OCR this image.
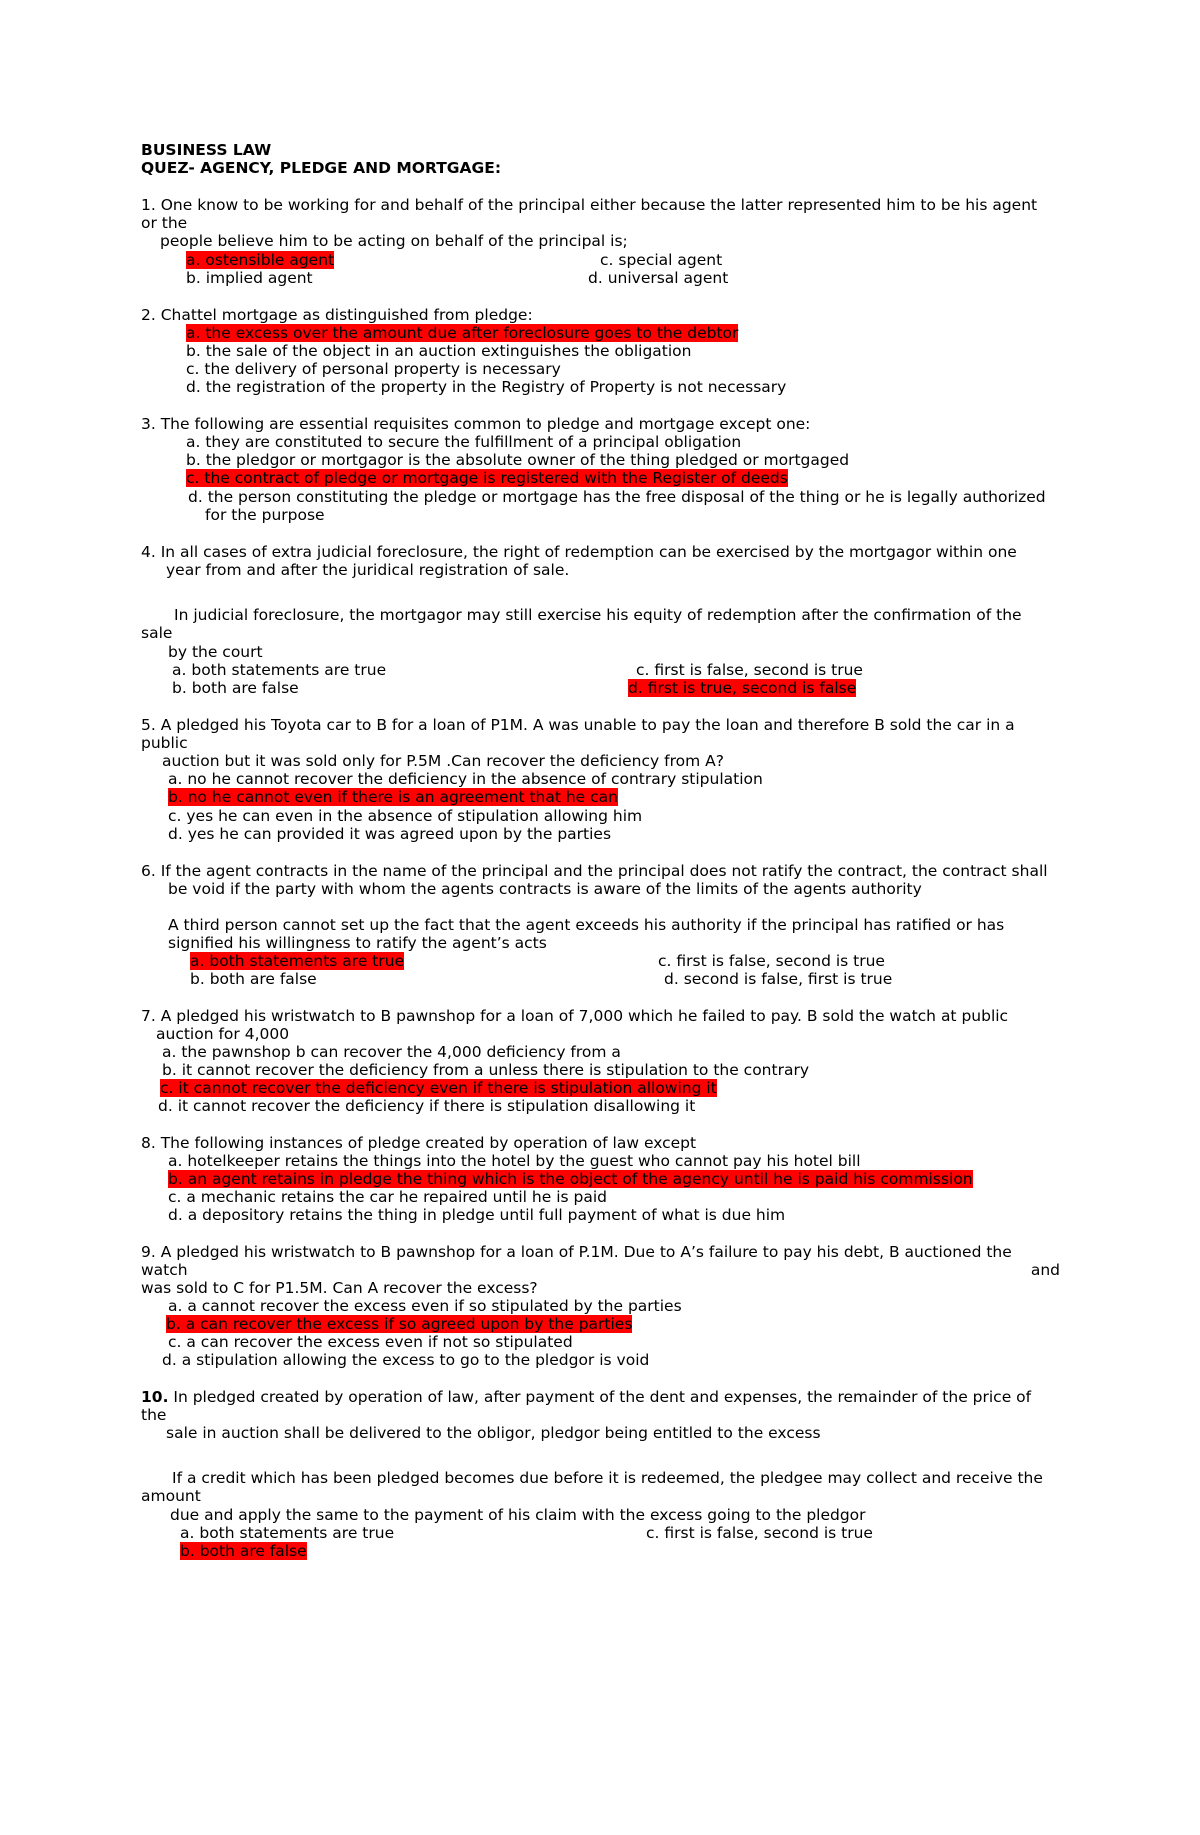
BUSINESS LAW
QUEZ- AGENCY, PLEDGE AND MORTGAGE:
1. One know to be working for and behalf of the principal either because the latter represented him to be his agent
or the
people believe him to be acting on behalf of the principal is;
a. ostensible agent	c. special agent
b. implied agent	d. universal agent
2. Chattel mortgage as distinguished from pledge:
a. the excess over the amount due after foreclosure goes to the debtor
b. the sale of the object in an auction extinguishes the obligation
c. the delivery of personal property is necessary
d. the registration of the property in the Registry of Property is not necessary
3. The following are essential requisites common to pledge and mortgage except one:
a. they are constituted to secure the fulfillment of a principal obligation
b. the pledgor or mortgagor is the absolute owner of the thing pledged or mortgaged
c. the contract of pledge or mortgage is registered with the Register of deeds
d. the person constituting the pledge or mortgage has the free disposal of the thing or he is legally authorized
for the purpose
4. In all cases of extra judicial foreclosure, the right of redemption can be exercised by the mortgagor within one
year from and after the juridical registration of sale.
In judicial foreclosure, the mortgagor may still exercise his equity of redemption after the confirmation of the
sale
by the court
a. both statements are true	c. first is false, second is true
b. both are false	d. first is true, second is false
5. A pledged his Toyota car to B for a loan of P1M. A was unable to pay the loan and therefore B sold the car in a
public
auction but it was sold only for P.5M .Can recover the deficiency from A?
a. no he cannot recover the deficiency in the absence of contrary stipulation
b. no he cannot even if there is an agreement that he can
c. yes he can even in the absence of stipulation allowing him
d. yes he can provided it was agreed upon by the parties
6. If the agent contracts in the name of the principal and the principal does not ratify the contract, the contract shall
be void if the party with whom the agents contracts is aware of the limits of the agents authority
A third person cannot set up the fact that the agent exceeds his authority if the principal has ratified or has
signified his willingness to ratify the agent’s acts
a. both statements are true	c. first is false, second is true
b. both are false	d. second is false, first is true
7. A pledged his wristwatch to B pawnshop for a loan of 7,000 which he failed to pay. B sold the watch at public
auction for 4,000
a. the pawnshop b can recover the 4,000 deficiency from a
b. it cannot recover the deficiency from a unless there is stipulation to the contrary
c. it cannot recover the deficiency even if there is stipulation allowing it
d. it cannot recover the deficiency if there is stipulation disallowing it
8. The following instances of pledge created by operation of law except
a. hotelkeeper retains the things into the hotel by the guest who cannot pay his hotel bill
b. an agent retains in pledge the thing which is the object of the agency until he is paid his commission
c. a mechanic retains the car he repaired until he is paid
d. a depository retains the thing in pledge until full payment of what is due him
9. A pledged his wristwatch to B pawnshop for a loan of P.1M. Due to A’s failure to pay his debt, B auctioned the
watch	and
was sold to C for P1.5M. Can A recover the excess?
a. a cannot recover the excess even if so stipulated by the parties
b. a can recover the excess if so agreed upon by the parties
c. a can recover the excess even if not so stipulated
d. a stipulation allowing the excess to go to the pledgor is void
10. In pledged created by operation of law, after payment of the dent and expenses, the remainder of the price of
the
sale in auction shall be delivered to the obligor, pledgor being entitled to the excess
If a credit which has been pledged becomes due before it is redeemed, the pledgee may collect and receive the
amount
due and apply the same to the payment of his claim with the excess going to the pledgor
a. both statements are true	c. first is false, second is true
b. both are false
